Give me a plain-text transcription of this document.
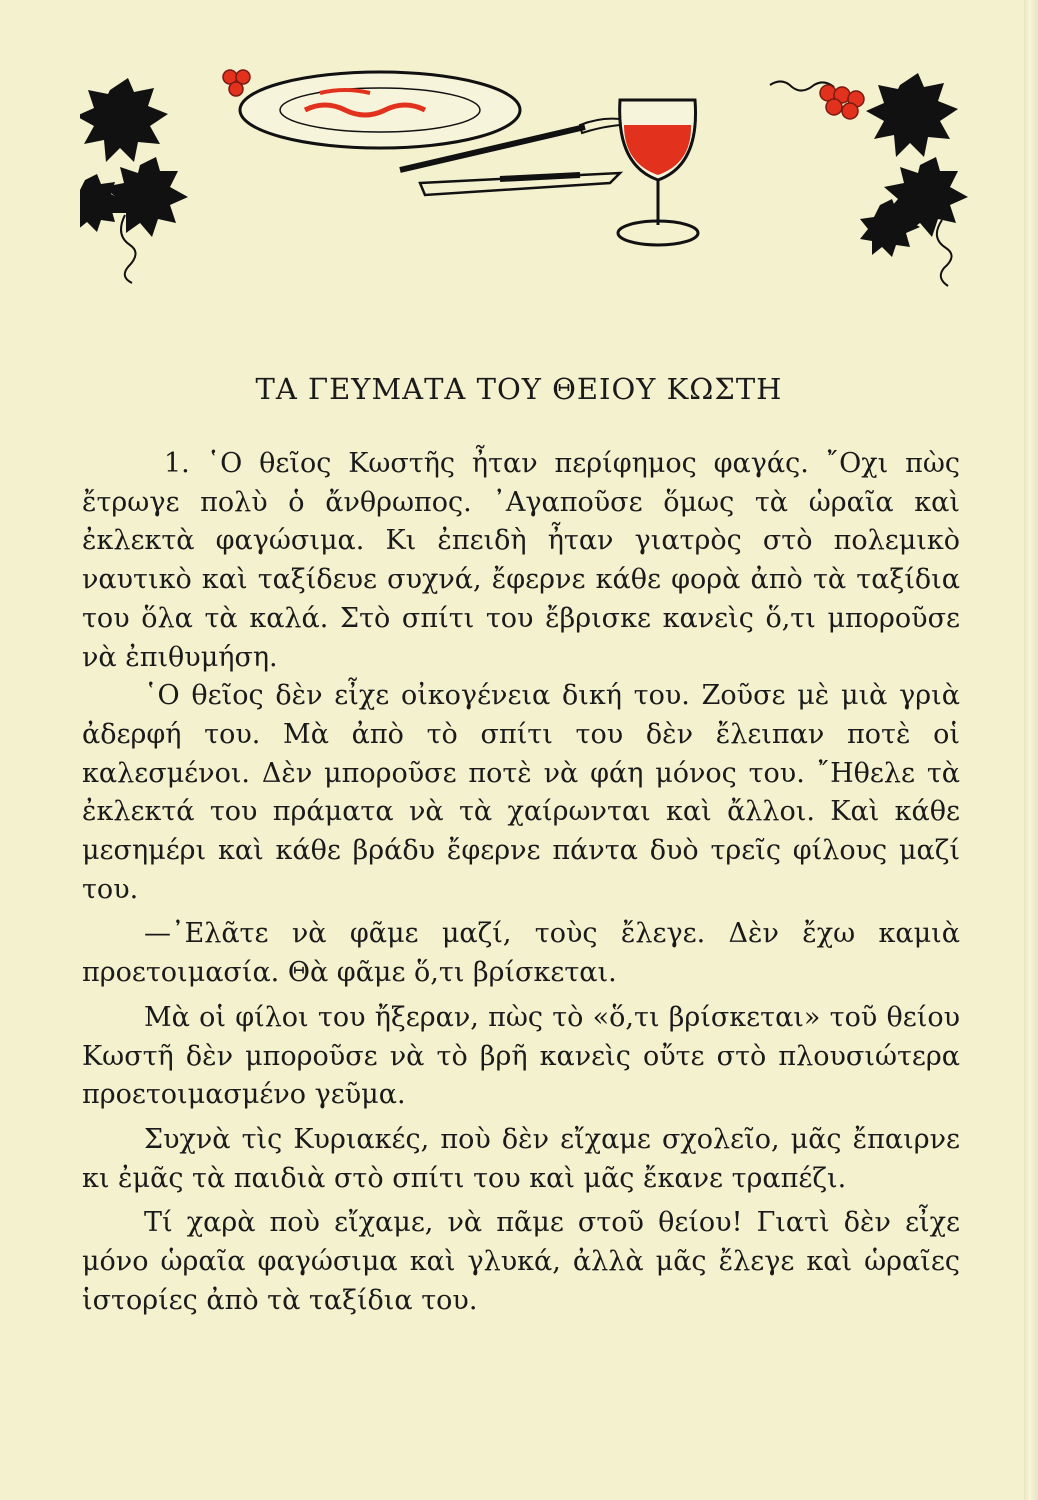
ΤΑ ΓΕΥΜΑΤΑ ΤΟΥ ΘΕΙΟΥ ΚΩΣΤΗ

1. ῾Ο θεῖος Κωστῆς ἦταν περίφημος φαγάς. ῎Οχι πὼς ἔτρωγε πολὺ ὁ ἄνθρωπος. ᾿Αγαποῦσε ὅμως τὰ ὡραῖα καὶ ἐκλεκτὰ φαγώσιμα. Κι ἐπειδὴ ἦταν γιατρὸς στὸ πολεμικὸ ναυτικὸ καὶ ταξίδευε συχνά, ἔφερνε κάθε φορὰ ἀπὸ τὰ ταξίδια του ὅλα τὰ καλά. Στὸ σπίτι του ἔβρισκε κανεὶς ὅ,τι μποροῦσε νὰ ἐπιθυμήση.

῾Ο θεῖος δὲν εἶχε οἰκογένεια δική του. Ζοῦσε μὲ μιὰ γριὰ ἀδερφή του. Μὰ ἀπὸ τὸ σπίτι του δὲν ἔλειπαν ποτὲ οἱ καλεσμένοι. Δὲν μποροῦσε ποτὲ νὰ φάη μόνος του. ῎Ηθελε τὰ ἐκλεκτά του πράματα νὰ τὰ χαίρωνται καὶ ἄλλοι. Καὶ κάθε μεσημέρι καὶ κάθε βράδυ ἔφερνε πάντα δυὸ τρεῖς φίλους μαζί του.

—᾿Ελᾶτε νὰ φᾶμε μαζί, τοὺς ἔλεγε. Δὲν ἔχω καμιὰ προετοιμασία. Θὰ φᾶμε ὅ,τι βρίσκεται.

Μὰ οἱ φίλοι του ἤξεραν, πὼς τὸ «ὅ,τι βρίσκεται» τοῦ θείου Κωστῆ δὲν μποροῦσε νὰ τὸ βρῆ κανεὶς οὔτε στὸ πλουσιώτερα προετοιμασμένο γεῦμα.

Συχνὰ τὶς Κυριακές, ποὺ δὲν εἴχαμε σχολεῖο, μᾶς ἔπαιρνε κι ἐμᾶς τὰ παιδιὰ στὸ σπίτι του καὶ μᾶς ἔκανε τραπέζι.

Τί χαρὰ ποὺ εἴχαμε, νὰ πᾶμε στοῦ θείου! Γιατὶ δὲν εἶχε μόνο ὡραῖα φαγώσιμα καὶ γλυκά, ἀλλὰ μᾶς ἔλεγε καὶ ὡραῖες ἱστορίες ἀπὸ τὰ ταξίδια του.
